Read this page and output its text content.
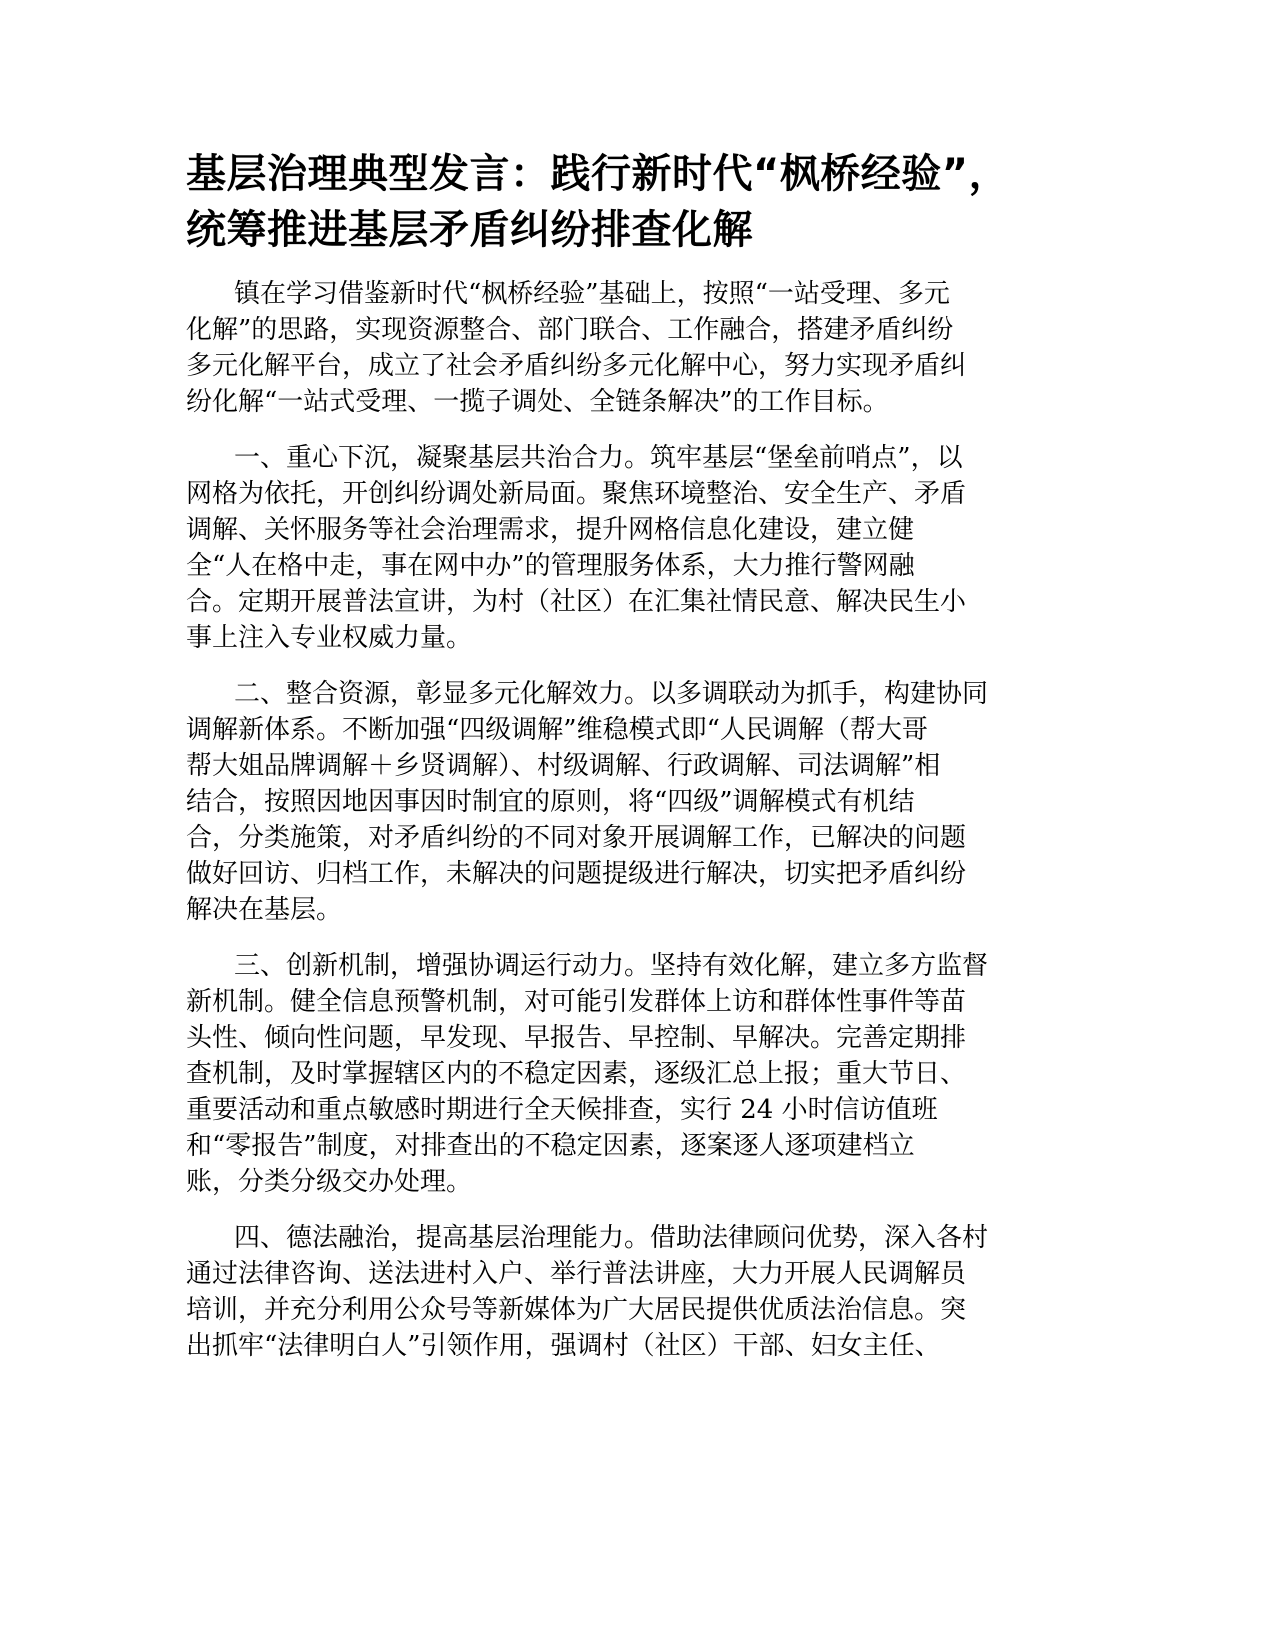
基层治理典型发言：践行新时代“枫桥经验”，
统筹推进基层矛盾纠纷排查化解

镇在学习借鉴新时代“枫桥经验”基础上，按照“一站受理、多元
化解”的思路，实现资源整合、部门联合、工作融合，搭建矛盾纠纷
多元化解平台，成立了社会矛盾纠纷多元化解中心，努力实现矛盾纠
纷化解“一站式受理、一揽子调处、全链条解决”的工作目标。

一、重心下沉，凝聚基层共治合力。筑牢基层“堡垒前哨点”，以
网格为依托，开创纠纷调处新局面。聚焦环境整治、安全生产、矛盾
调解、关怀服务等社会治理需求，提升网格信息化建设，建立健
全“人在格中走，事在网中办”的管理服务体系，大力推行警网融
合。定期开展普法宣讲，为村（社区）在汇集社情民意、解决民生小
事上注入专业权威力量。

二、整合资源，彰显多元化解效力。以多调联动为抓手，构建协同
调解新体系。不断加强“四级调解”维稳模式即“人民调解（帮大哥
帮大姐品牌调解＋乡贤调解）、村级调解、行政调解、司法调解”相
结合，按照因地因事因时制宜的原则，将“四级”调解模式有机结
合，分类施策，对矛盾纠纷的不同对象开展调解工作，已解决的问题
做好回访、归档工作，未解决的问题提级进行解决，切实把矛盾纠纷
解决在基层。

三、创新机制，增强协调运行动力。坚持有效化解，建立多方监督
新机制。健全信息预警机制，对可能引发群体上访和群体性事件等苗
头性、倾向性问题，早发现、早报告、早控制、早解决。完善定期排
查机制，及时掌握辖区内的不稳定因素，逐级汇总上报；重大节日、
重要活动和重点敏感时期进行全天候排查，实行 24 小时信访值班
和“零报告”制度，对排查出的不稳定因素，逐案逐人逐项建档立
账，分类分级交办处理。

四、德法融治，提高基层治理能力。借助法律顾问优势，深入各村
通过法律咨询、送法进村入户、举行普法讲座，大力开展人民调解员
培训，并充分利用公众号等新媒体为广大居民提供优质法治信息。突
出抓牢“法律明白人”引领作用，强调村（社区）干部、妇女主任、
